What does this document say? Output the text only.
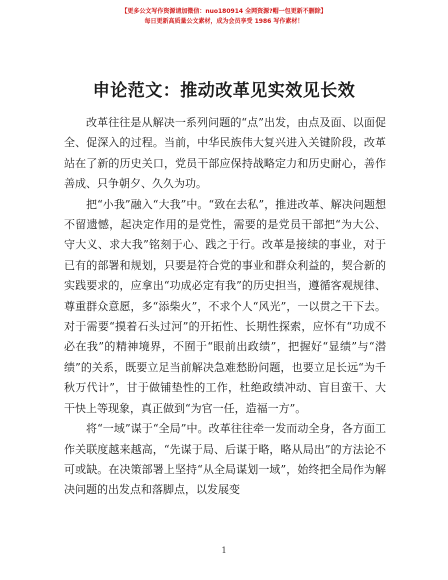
【更多公文写作资源请加微信：nuo180914 全网资源?帽一包更新不删除】
每日更新高质量公文素材，成为会员享受 1986 写作素材！
申论范文：推动改革见实效见长效

改革往往是从解决一系列问题的“点”出发，由点及面、以面促全、促深入的过程。当前，中华民族伟大复兴进入关键阶段，改革站在了新的历史关口，党员干部应保持战略定力和历史耐心，善作善成、只争朝夕、久久为功。

把“小我”融入“大我”中。“致在去私”，推进改革、解决问题想不留遗憾，起决定作用的是党性，需要的是党员干部把“为大公、守大义、求大我”铭刻于心、践之于行。改革是接续的事业，对于已有的部署和规划，只要是符合党的事业和群众利益的，契合新的实践要求的，应拿出“功成必定有我”的历史担当，遵循客观规律、尊重群众意愿，多“添柴火”，不求个人“风光”，一以贯之干下去。对于需要“摸着石头过河”的开拓性、长期性探索，应怀有“功成不必在我”的精神境界，不囿于“眼前出政绩”，把握好“显绩”与“潜绩”的关系，既要立足当前解决急难愁盼问题，也要立足长远“为千秋万代计”，甘于做铺垫性的工作，杜绝政绩冲动、盲目蛮干、大干快上等现象，真正做到“为官一任，造福一方”。

将“一域”谋于“全局”中。改革往往牵一发而动全身，各方面工作关联度越来越高，“先谋于局、后谋于略，略从局出”的方法论不可或缺。在决策部署上坚持“从全局谋划一域”，始终把全局作为解决问题的出发点和落脚点，以发展变

1
